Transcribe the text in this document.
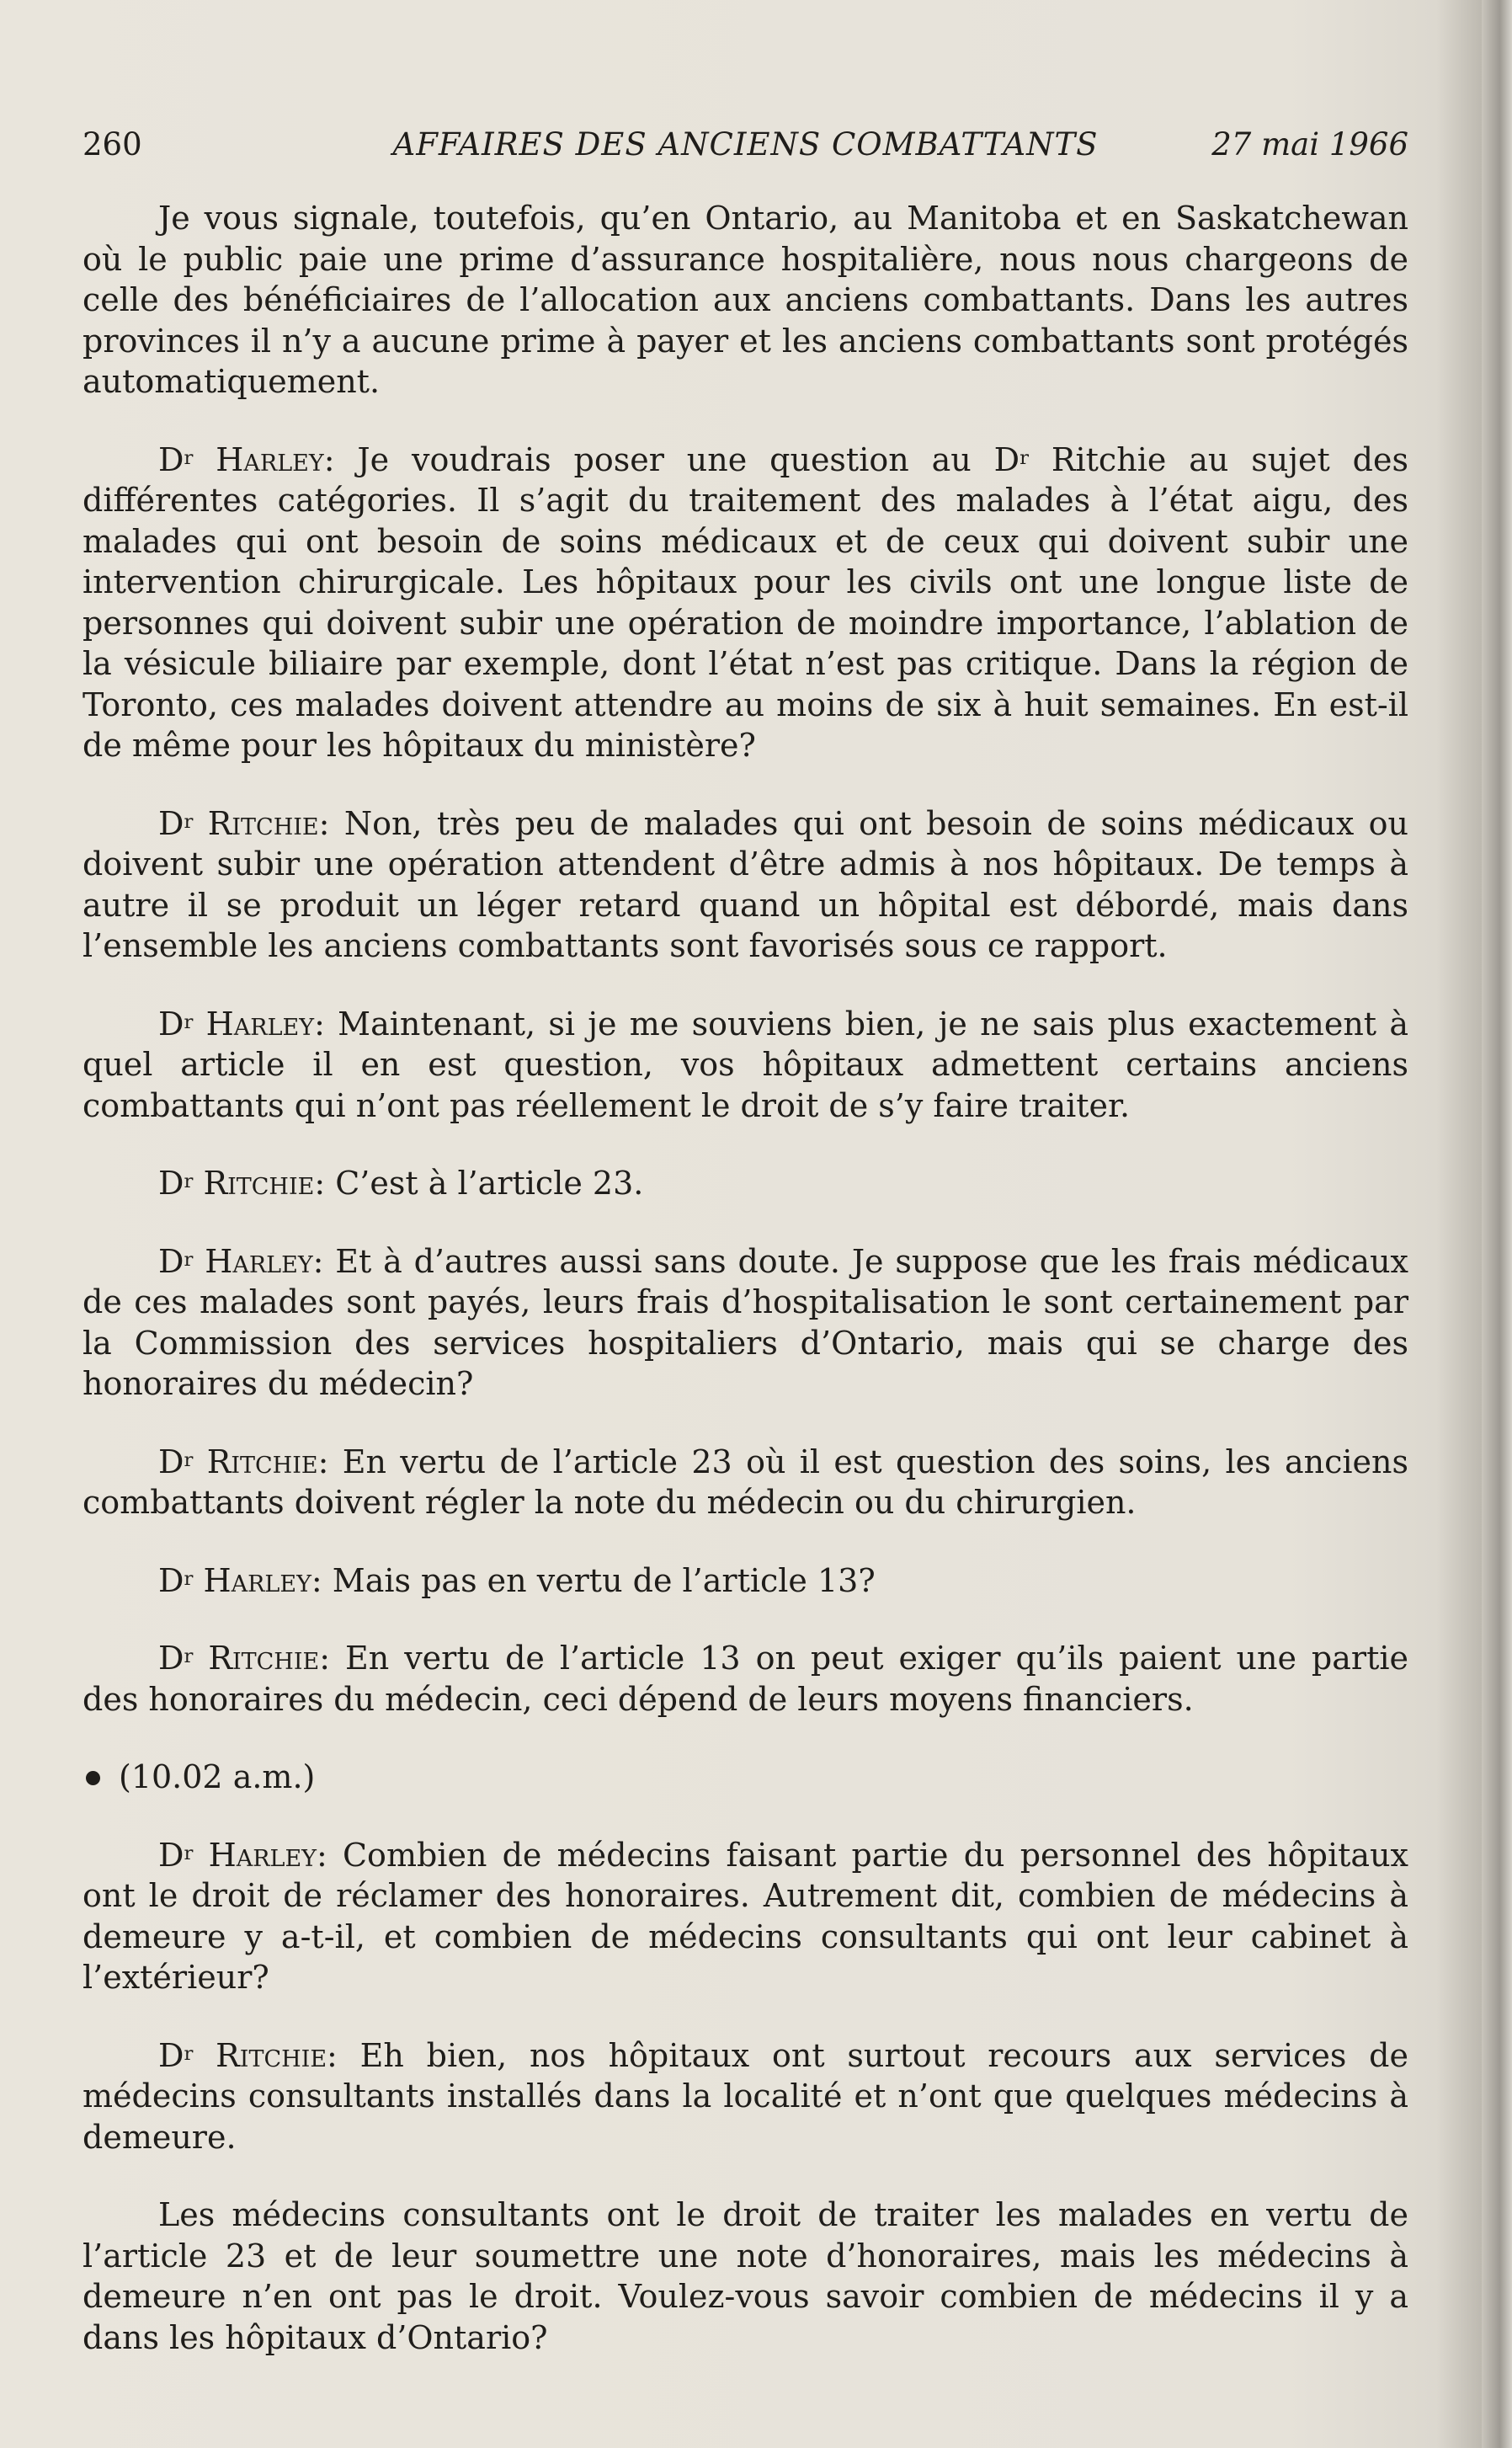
260	AFFAIRES DES ANCIENS COMBATTANTS	27 mai 1966

Je vous signale, toutefois, qu’en Ontario, au Manitoba et en Saskatchewan où le public paie une prime d’assurance hospitalière, nous nous chargeons de celle des bénéficiaires de l’allocation aux anciens combattants. Dans les autres provinces il n’y a aucune prime à payer et les anciens combattants sont protégés automatiquement.

$D^r$ Harley: Je voudrais poser une question au $D^r$ Ritchie au sujet des différentes catégories. Il s’agit du traitement des malades à l’état aigu, des malades qui ont besoin de soins médicaux et de ceux qui doivent subir une intervention chirurgicale. Les hôpitaux pour les civils ont une longue liste de personnes qui doivent subir une opération de moindre importance, l’ablation de la vésicule biliaire par exemple, dont l’état n’est pas critique. Dans la région de Toronto, ces malades doivent attendre au moins de six à huit semaines. En est-il de même pour les hôpitaux du ministère?

$D^r$ Ritchie: Non, très peu de malades qui ont besoin de soins médicaux ou doivent subir une opération attendent d’être admis à nos hôpitaux. De temps à autre il se produit un léger retard quand un hôpital est débordé, mais dans l’ensemble les anciens combattants sont favorisés sous ce rapport.

$D^r$ Harley: Maintenant, si je me souviens bien, je ne sais plus exactement à quel article il en est question, vos hôpitaux admettent certains anciens combattants qui n’ont pas réellement le droit de s’y faire traiter.

$D^r$ Ritchie: C’est à l’article 23.

$D^r$ Harley: Et à d’autres aussi sans doute. Je suppose que les frais médicaux de ces malades sont payés, leurs frais d’hospitalisation le sont certainement par la Commission des services hospitaliers d’Ontario, mais qui se charge des honoraires du médecin?

$D^r$ Ritchie: En vertu de l’article 23 où il est question des soins, les anciens combattants doivent régler la note du médecin ou du chirurgien.

$D^r$ Harley: Mais pas en vertu de l’article 13?

$D^r$ Ritchie: En vertu de l’article 13 on peut exiger qu’ils paient une partie des honoraires du médecin, ceci dépend de leurs moyens financiers.

(10.02 a.m.)

$D^r$ Harley: Combien de médecins faisant partie du personnel des hôpitaux ont le droit de réclamer des honoraires. Autrement dit, combien de médecins à demeure y a-t-il, et combien de médecins consultants qui ont leur cabinet à l’extérieur?

$D^r$ Ritchie: Eh bien, nos hôpitaux ont surtout recours aux services de médecins consultants installés dans la localité et n’ont que quelques médecins à demeure.

Les médecins consultants ont le droit de traiter les malades en vertu de l’article 23 et de leur soumettre une note d’honoraires, mais les médecins à demeure n’en ont pas le droit. Voulez-vous savoir combien de médecins il y a dans les hôpitaux d’Ontario?
